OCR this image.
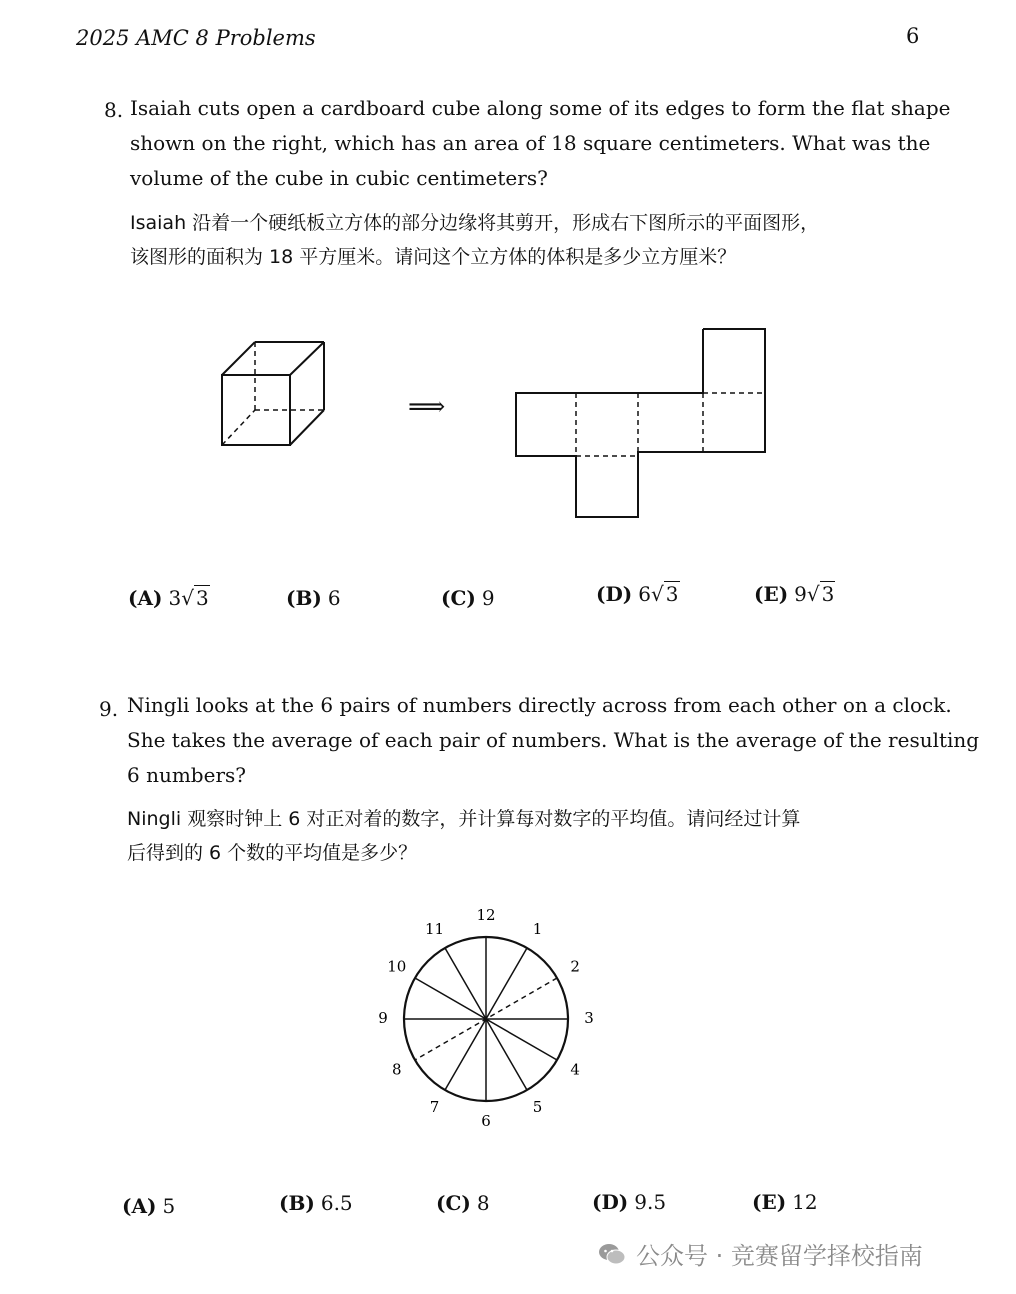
2025 AMC 8 Problems	6
8. Isaiah cuts open a cardboard cube along some of its edges to form the flat shape
shown on the right, which has an area of 18 square centimeters. What was the
volume of the cube in cubic centimeters?
Isaiah 沿着一个硬纸板立方体的部分边缘将其剪开，形成右下图所示的平面图形，
该图形的面积为 18 平方厘米。请问这个立方体的体积是多少立方厘米？
⟹
(A) 3√ 3	(B) 6	(C) 9	(D) 6√ 3	(E) 9√ 3
9. Ningli looks at the 6 pairs of numbers directly across from each other on a clock.
She takes the average of each pair of numbers. What is the average of the resulting
6 numbers?
Ningli 观察时钟上 6 对正对着的数字，并计算每对数字的平均值。请问经过计算
后得到的 6 个数的平均值是多少？
12
1
2
3
4
5
6
7
8
9
10
11
(A) 5	(B) 6.5	(C) 8	(D) 9.5	(E) 12
公众号 · 竞赛留学择校指南
